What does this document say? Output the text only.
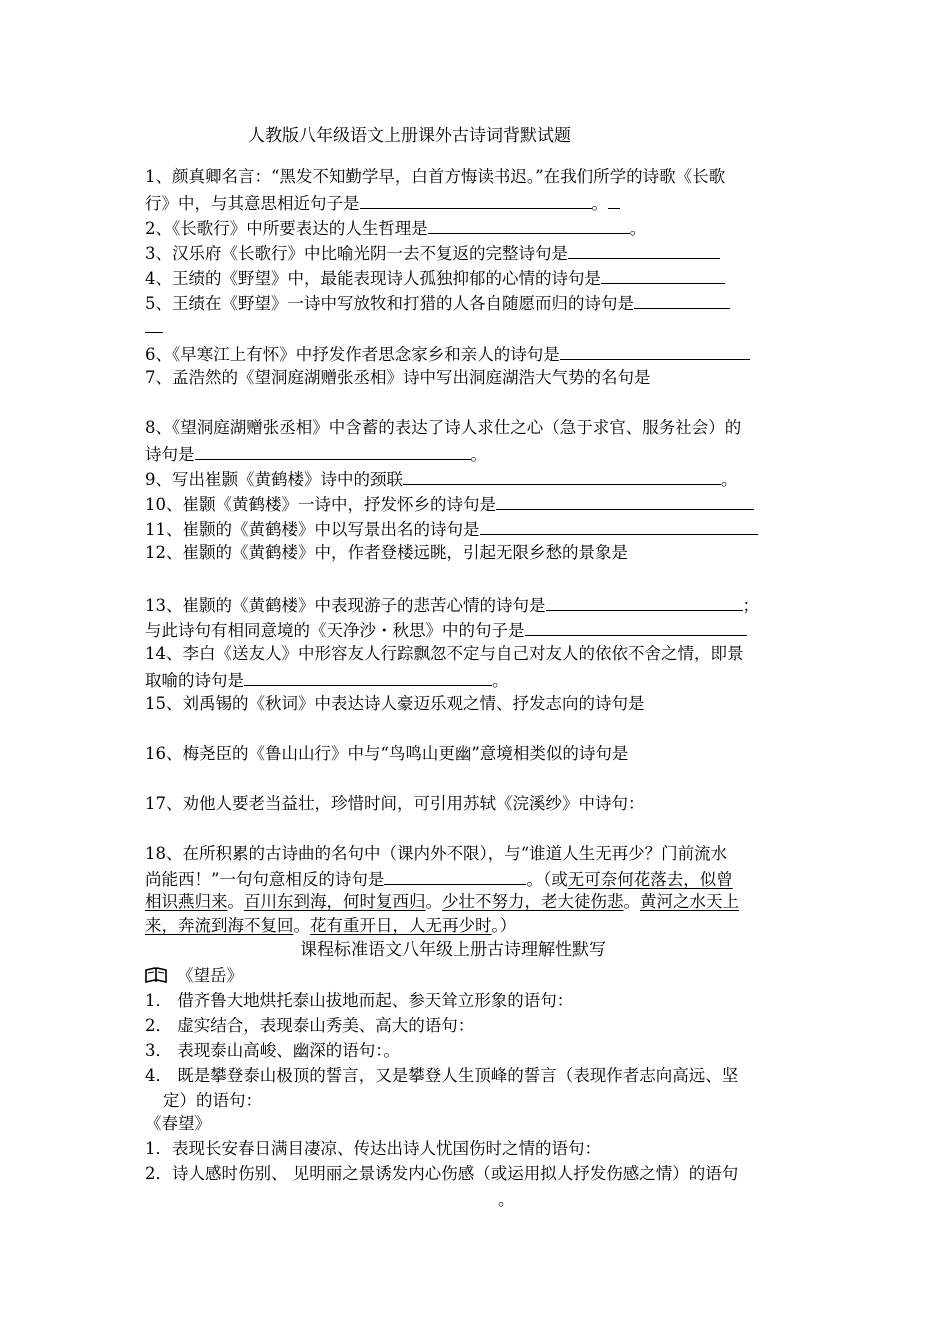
人教版八年级语文上册课外古诗词背默试题
1、颜真卿名言：“黑发不知勤学早，白首方悔读书迟。”在我们所学的诗歌《长歌
行》中，与其意思相近句子是	。
2、《长歌行》中所要表达的人生哲理是	。
3、汉乐府《长歌行》中比喻光阴一去不复返的完整诗句是
4、王绩的《野望》中，最能表现诗人孤独抑郁的心情的诗句是
5、王绩在《野望》一诗中写放牧和打猎的人各自随愿而归的诗句是
6、《早寒江上有怀》中抒发作者思念家乡和亲人的诗句是
7、孟浩然的《望洞庭湖赠张丞相》诗中写出洞庭湖浩大气势的名句是
8、《望洞庭湖赠张丞相》中含蓄的表达了诗人求仕之心（急于求官、服务社会）的
诗句是	。
9、写出崔颢《黄鹤楼》诗中的颈联	。
10、崔颢《黄鹤楼》一诗中，抒发怀乡的诗句是
11、崔颢的《黄鹤楼》中以写景出名的诗句是
12、崔颢的《黄鹤楼》中，作者登楼远眺，引起无限乡愁的景象是
13、崔颢的《黄鹤楼》中表现游子的悲苦心情的诗句是	；
与此诗句有相同意境的《天净沙・秋思》中的句子是
14、李白《送友人》中形容友人行踪飘忽不定与自己对友人的依依不舍之情，即景
取喻的诗句是	。
15、刘禹锡的《秋词》中表达诗人豪迈乐观之情、抒发志向的诗句是
16、梅尧臣的《鲁山山行》中与“鸟鸣山更幽”意境相类似的诗句是
17、劝他人要老当益壮，珍惜时间，可引用苏轼《浣溪纱》中诗句：
18、在所积累的古诗曲的名句中（课内外不限），与“谁道人生无再少？门前流水
尚能西！”一句句意相反的诗句是	。（或无可奈何花落去，似曾
相识燕归来。百川东到海，何时复西归。少壮不努力，老大徒伤悲。黄河之水天上
来，奔流到海不复回。花有重开日，人无再少时。）
课程标准语文八年级上册古诗理解性默写
《望岳》
1． 借齐鲁大地烘托泰山拔地而起、参天耸立形象的语句：
2． 虚实结合，表现泰山秀美、高大的语句：
3． 表现泰山高峻、幽深的语句：。
4． 既是攀登泰山极顶的誓言，又是攀登人生顶峰的誓言（表现作者志向高远、坚
定）的语句：
《春望》
1．表现长安春日满目凄凉、传达出诗人忧国伤时之情的语句：
2．诗人感时伤别、 见明丽之景诱发内心伤感（或运用拟人抒发伤感之情）的语句
。
